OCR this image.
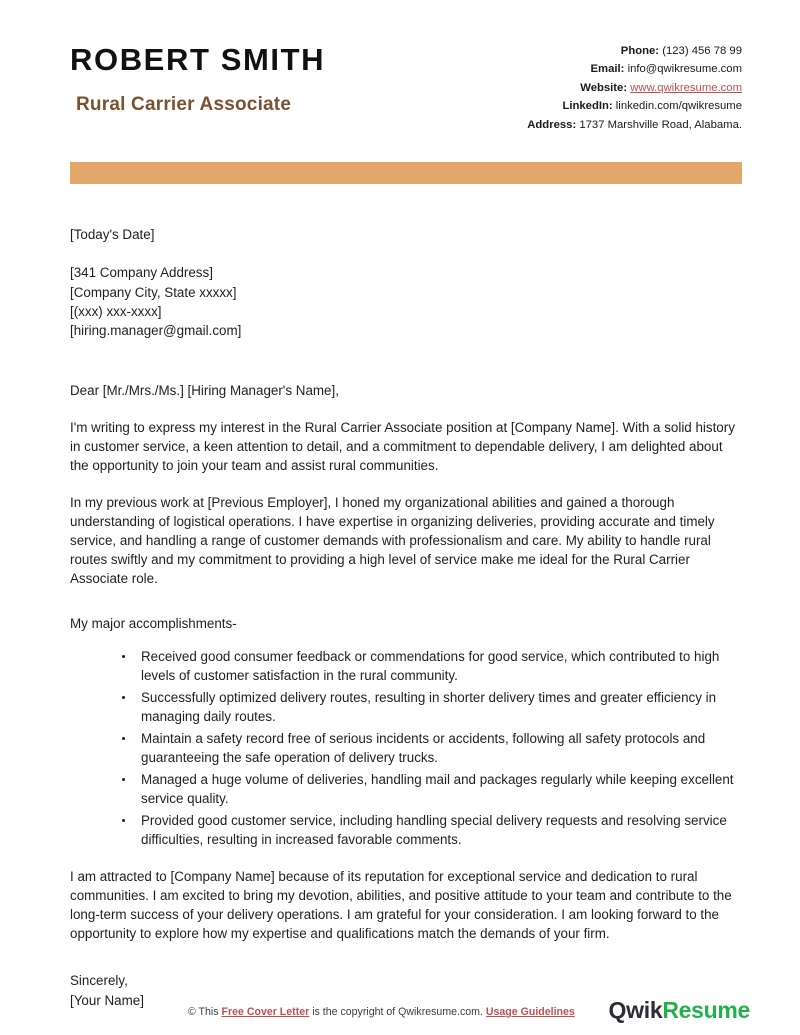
ROBERT SMITH
Rural Carrier Associate
Phone: (123) 456 78 99
Email: info@qwikresume.com
Website: www.qwikresume.com
LinkedIn: linkedin.com/qwikresume
Address: 1737 Marshville Road, Alabama.
[Today's Date]
[341 Company Address]
[Company City, State xxxxx]
[(xxx) xxx-xxxx]
[hiring.manager@gmail.com]
Dear [Mr./Mrs./Ms.] [Hiring Manager's Name],

I'm writing to express my interest in the Rural Carrier Associate position at [Company Name]. With a solid history in customer service, a keen attention to detail, and a commitment to dependable delivery, I am delighted about the opportunity to join your team and assist rural communities.

In my previous work at [Previous Employer], I honed my organizational abilities and gained a thorough understanding of logistical operations. I have expertise in organizing deliveries, providing accurate and timely service, and handling a range of customer demands with professionalism and care. My ability to handle rural routes swiftly and my commitment to providing a high level of service make me ideal for the Rural Carrier Associate role.

My major accomplishments-
Received good consumer feedback or commendations for good service, which contributed to high levels of customer satisfaction in the rural community.
Successfully optimized delivery routes, resulting in shorter delivery times and greater efficiency in managing daily routes.
Maintain a safety record free of serious incidents or accidents, following all safety protocols and guaranteeing the safe operation of delivery trucks.
Managed a huge volume of deliveries, handling mail and packages regularly while keeping excellent service quality.
Provided good customer service, including handling special delivery requests and resolving service difficulties, resulting in increased favorable comments.

I am attracted to [Company Name] because of its reputation for exceptional service and dedication to rural communities. I am excited to bring my devotion, abilities, and positive attitude to your team and contribute to the long-term success of your delivery operations. I am grateful for your consideration. I am looking forward to the opportunity to explore how my expertise and qualifications match the demands of your firm.

Sincerely,
[Your Name]
© This Free Cover Letter is the copyright of Qwikresume.com. Usage Guidelines QwikResume
